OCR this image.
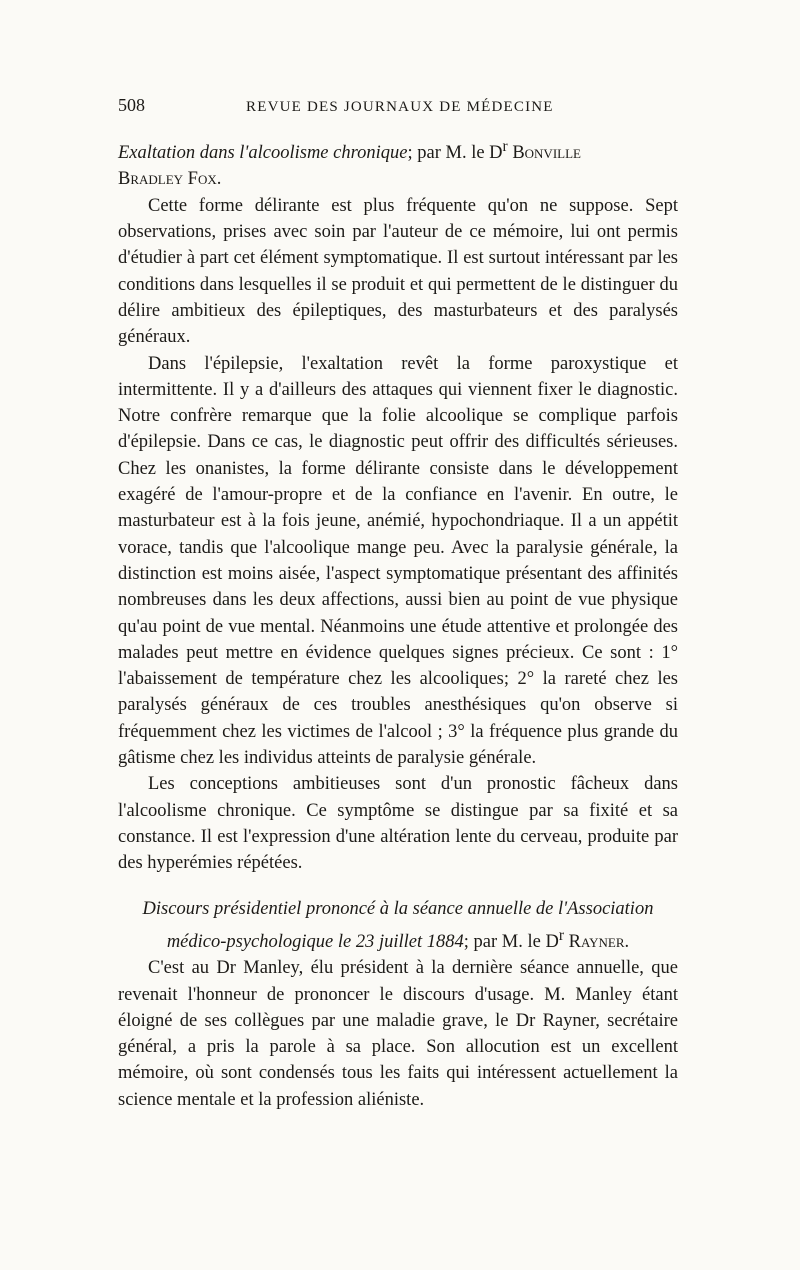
508	REVUE DES JOURNAUX DE MÉDECINE

Exaltation dans l'alcoolisme chronique; par M. le $D^r$ Bonville
Bradley Fox.

Cette forme délirante est plus fréquente qu'on ne suppose. Sept observations, prises avec soin par l'auteur de ce mémoire, lui ont permis d'étudier à part cet élément symptomatique. Il est surtout intéressant par les conditions dans lesquelles il se produit et qui permettent de le distinguer du délire ambitieux des épileptiques, des masturbateurs et des paralysés généraux.

Dans l'épilepsie, l'exaltation revêt la forme paroxystique et intermittente. Il y a d'ailleurs des attaques qui viennent fixer le diagnostic. Notre confrère remarque que la folie alcoolique se complique parfois d'épilepsie. Dans ce cas, le diagnostic peut offrir des difficultés sérieuses. Chez les onanistes, la forme délirante consiste dans le développement exagéré de l'amour-propre et de la confiance en l'avenir. En outre, le masturbateur est à la fois jeune, anémié, hypochondriaque. Il a un appétit vorace, tandis que l'alcoolique mange peu. Avec la paralysie générale, la distinction est moins aisée, l'aspect symptomatique présentant des affinités nombreuses dans les deux affections, aussi bien au point de vue physique qu'au point de vue mental. Néanmoins une étude attentive et prolongée des malades peut mettre en évidence quelques signes précieux. Ce sont : 1° l'abaissement de température chez les alcooliques; 2° la rareté chez les paralysés généraux de ces troubles anesthésiques qu'on observe si fréquemment chez les victimes de l'alcool ; 3° la fréquence plus grande du gâtisme chez les individus atteints de paralysie générale.

Les conceptions ambitieuses sont d'un pronostic fâcheux dans l'alcoolisme chronique. Ce symptôme se distingue par sa fixité et sa constance. Il est l'expression d'une altération lente du cerveau, produite par des hyperémies répétées.

Discours présidentiel prononcé à la séance annuelle de l'Association
médico-psychologique le 23 juillet 1884; par M. le $D^r$ Rayner.

C'est au Dr Manley, élu président à la dernière séance annuelle, que revenait l'honneur de prononcer le discours d'usage. M. Manley étant éloigné de ses collègues par une maladie grave, le Dr Rayner, secrétaire général, a pris la parole à sa place. Son allocution est un excellent mémoire, où sont condensés tous les faits qui intéressent actuellement la science mentale et la profession aliéniste.
